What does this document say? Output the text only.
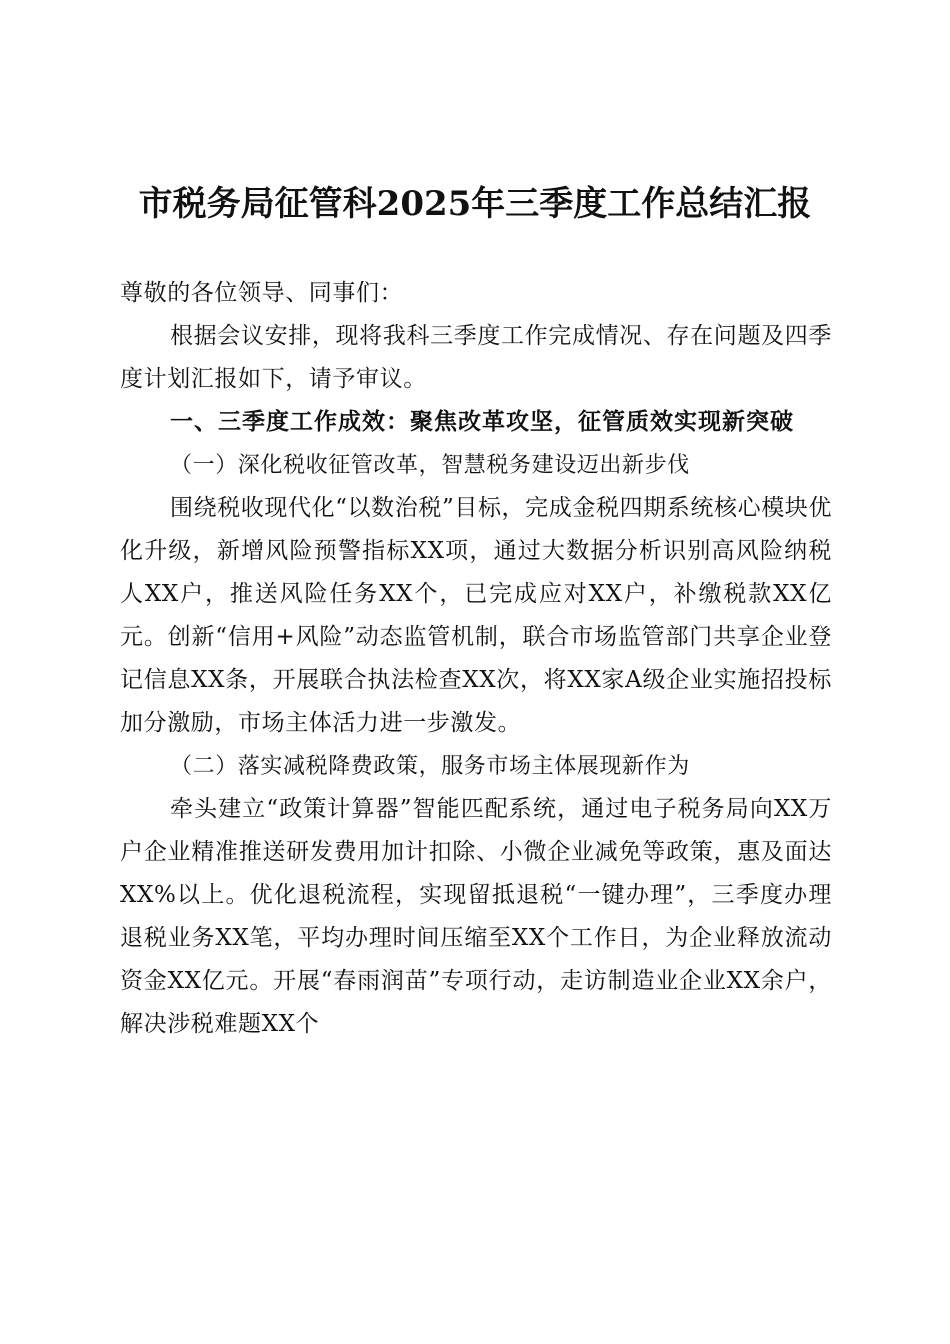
市税务局征管科2025年三季度工作总结汇报

尊敬的各位领导、同事们：

根据会议安排，现将我科三季度工作完成情况、存在问题及四季度计划汇报如下，请予审议。

一、三季度工作成效：聚焦改革攻坚，征管质效实现新突破

（一）深化税收征管改革，智慧税务建设迈出新步伐

围绕税收现代化“以数治税”目标，完成金税四期系统核心模块优化升级，新增风险预警指标XX项，通过大数据分析识别高风险纳税人XX户，推送风险任务XX个，已完成应对XX户，补缴税款XX亿元。创新“信用+风险”动态监管机制，联合市场监管部门共享企业登记信息XX条，开展联合执法检查XX次，将XX家A级企业实施招投标加分激励，市场主体活力进一步激发。

（二）落实减税降费政策，服务市场主体展现新作为

牵头建立“政策计算器”智能匹配系统，通过电子税务局向XX万户企业精准推送研发费用加计扣除、小微企业减免等政策，惠及面达XX%以上。优化退税流程，实现留抵退税“一键办理”，三季度办理退税业务XX笔，平均办理时间压缩至XX个工作日，为企业释放流动资金XX亿元。开展“春雨润苗”专项行动，走访制造业企业XX余户，解决涉税难题XX个
